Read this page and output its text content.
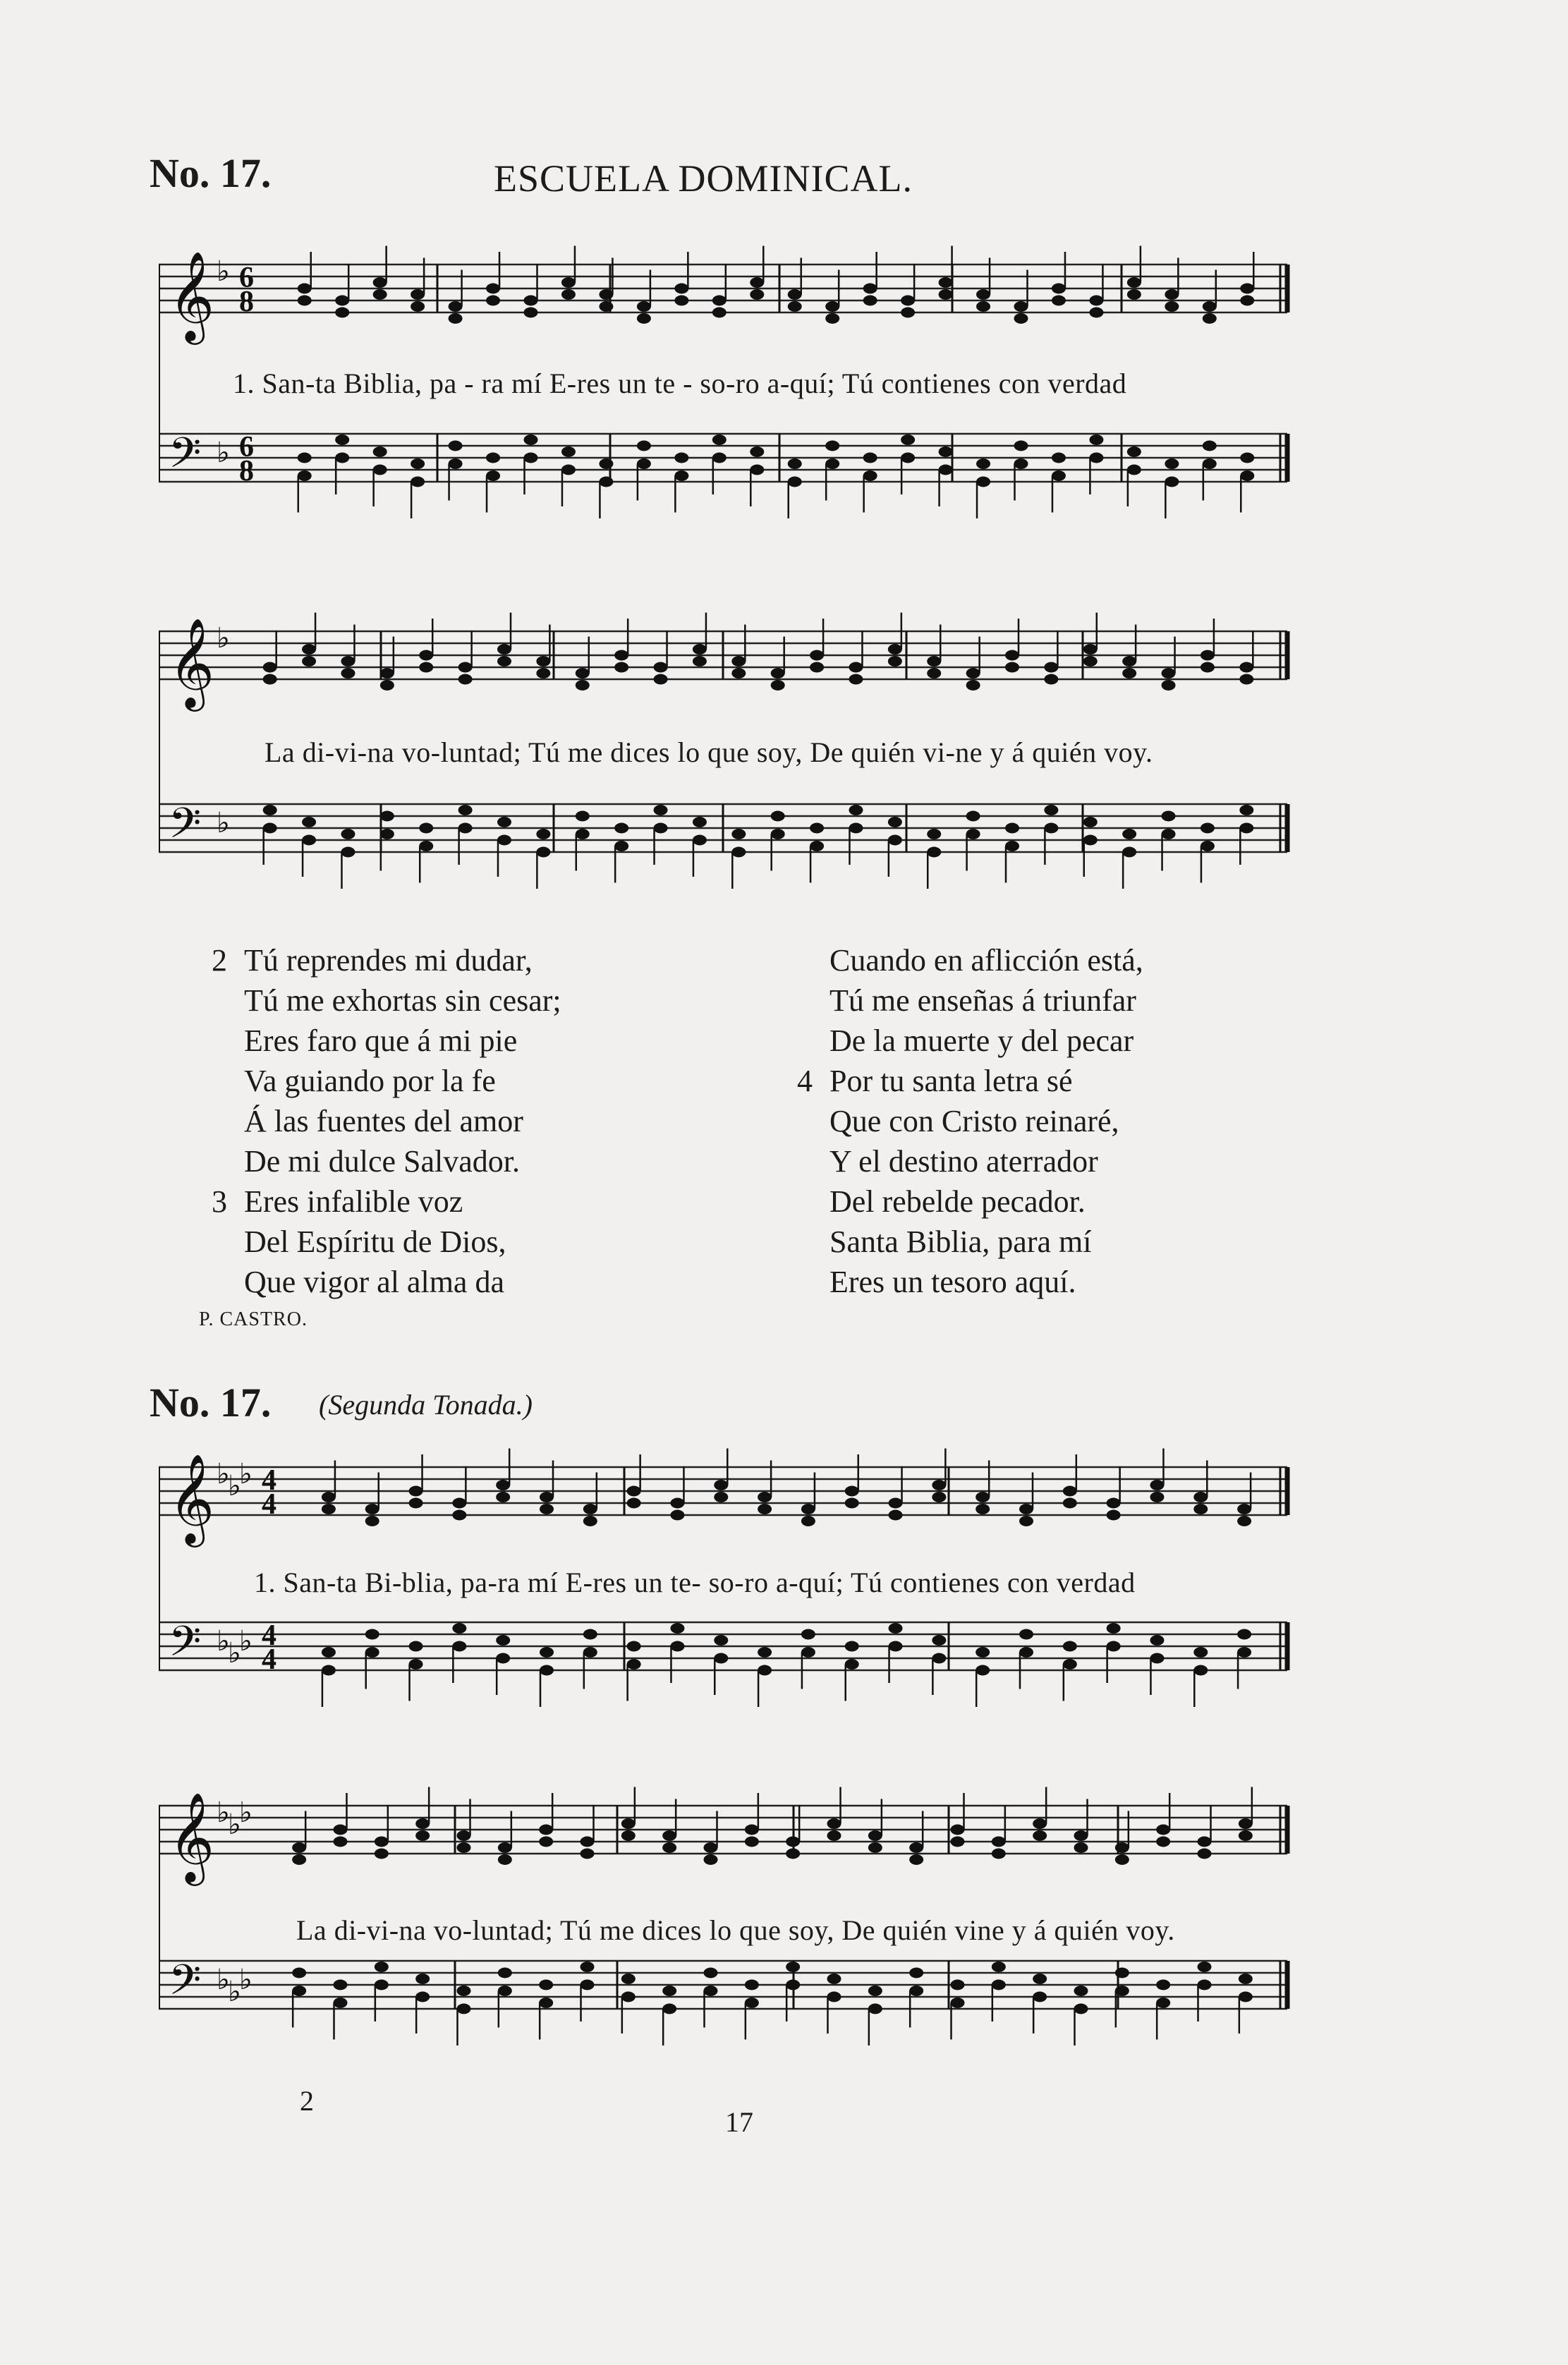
No. 17.	ESCUELA DOMINICAL.
𝄞
𝄢
♭
♭
6
8
6
8
1. San-ta Biblia, pa - ra mí E-res un te - so-ro a-quí; Tú contienes con verdad
𝄞
𝄢
♭
♭
La di-vi-na vo-luntad; Tú me dices lo que soy, De quién vi-ne y á quién voy.
2 Tú reprendes mi dudar,
Tú me exhortas sin cesar;
Eres faro que á mi pie
Va guiando por la fe
Á las fuentes del amor
De mi dulce Salvador.
3 Eres infalible voz
Del Espíritu de Dios,
Que vigor al alma da
Cuando en aflicción está,
Tú me enseñas á triunfar
De la muerte y del pecar
4 Por tu santa letra sé
Que con Cristo reinaré,
Y el destino aterrador
Del rebelde pecador.
Santa Biblia, para mí
Eres un tesoro aquí.
P. CASTRO.
No. 17. (Segunda Tonada.)
𝄞
𝄢
♭
♭
♭
♭
♭
♭
4
4
4
4
1. San-ta Bi-blia, pa-ra mí E-res un te- so-ro a-quí; Tú contienes con verdad
𝄞
𝄢
♭
♭
♭
♭
♭
♭
La di-vi-na vo-luntad; Tú me dices lo que soy, De quién vine y á quién voy.
2
17
